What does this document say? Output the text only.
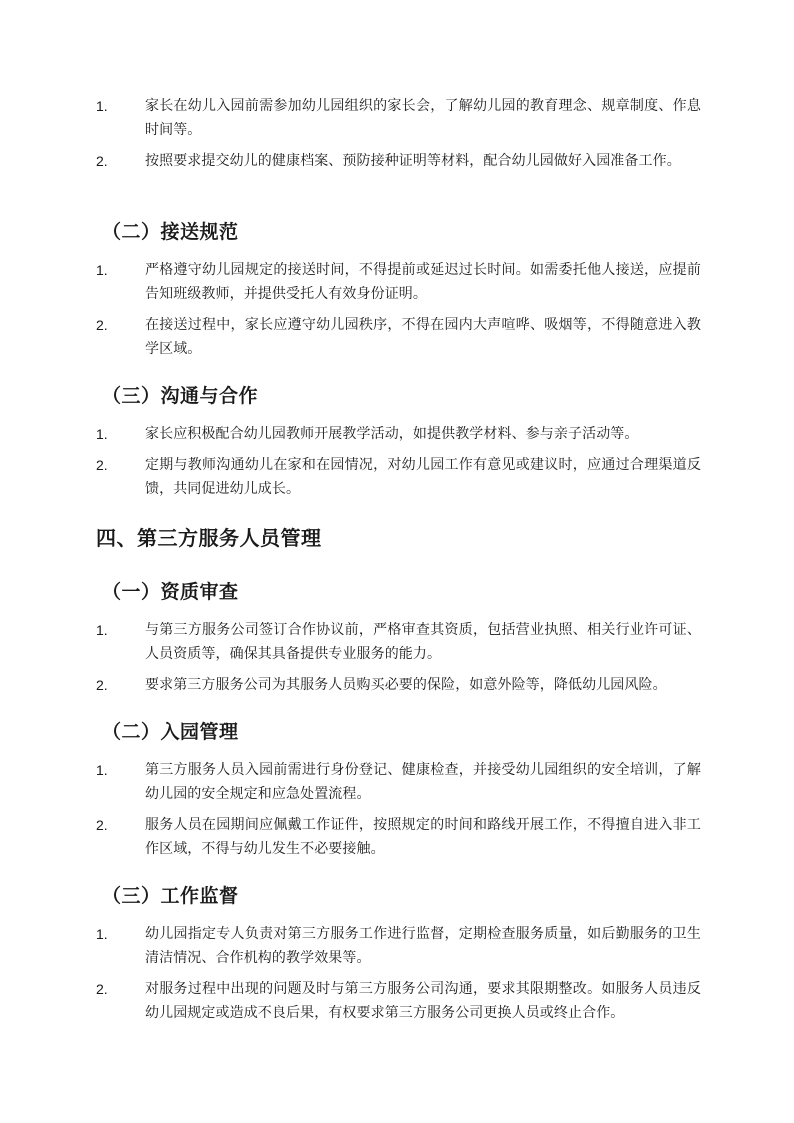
1.	家长在幼儿入园前需参加幼儿园组织的家长会，了解幼儿园的教育理念、规章制度、作息时间等。
2.	按照要求提交幼儿的健康档案、预防接种证明等材料，配合幼儿园做好入园准备工作。
（二）接送规范
1.	严格遵守幼儿园规定的接送时间，不得提前或延迟过长时间。如需委托他人接送，应提前告知班级教师，并提供受托人有效身份证明。
2.	在接送过程中，家长应遵守幼儿园秩序，不得在园内大声喧哗、吸烟等，不得随意进入教学区域。
（三）沟通与合作
1.	家长应积极配合幼儿园教师开展教学活动，如提供教学材料、参与亲子活动等。
2.	定期与教师沟通幼儿在家和在园情况，对幼儿园工作有意见或建议时，应通过合理渠道反馈，共同促进幼儿成长。
四、第三方服务人员管理
（一）资质审查
1.	与第三方服务公司签订合作协议前，严格审查其资质，包括营业执照、相关行业许可证、人员资质等，确保其具备提供专业服务的能力。
2.	要求第三方服务公司为其服务人员购买必要的保险，如意外险等，降低幼儿园风险。
（二）入园管理
1.	第三方服务人员入园前需进行身份登记、健康检查，并接受幼儿园组织的安全培训，了解幼儿园的安全规定和应急处置流程。
2.	服务人员在园期间应佩戴工作证件，按照规定的时间和路线开展工作，不得擅自进入非工作区域，不得与幼儿发生不必要接触。
（三）工作监督
1.	幼儿园指定专人负责对第三方服务工作进行监督，定期检查服务质量，如后勤服务的卫生清洁情况、合作机构的教学效果等。
2.	对服务过程中出现的问题及时与第三方服务公司沟通，要求其限期整改。如服务人员违反幼儿园规定或造成不良后果，有权要求第三方服务公司更换人员或终止合作。
